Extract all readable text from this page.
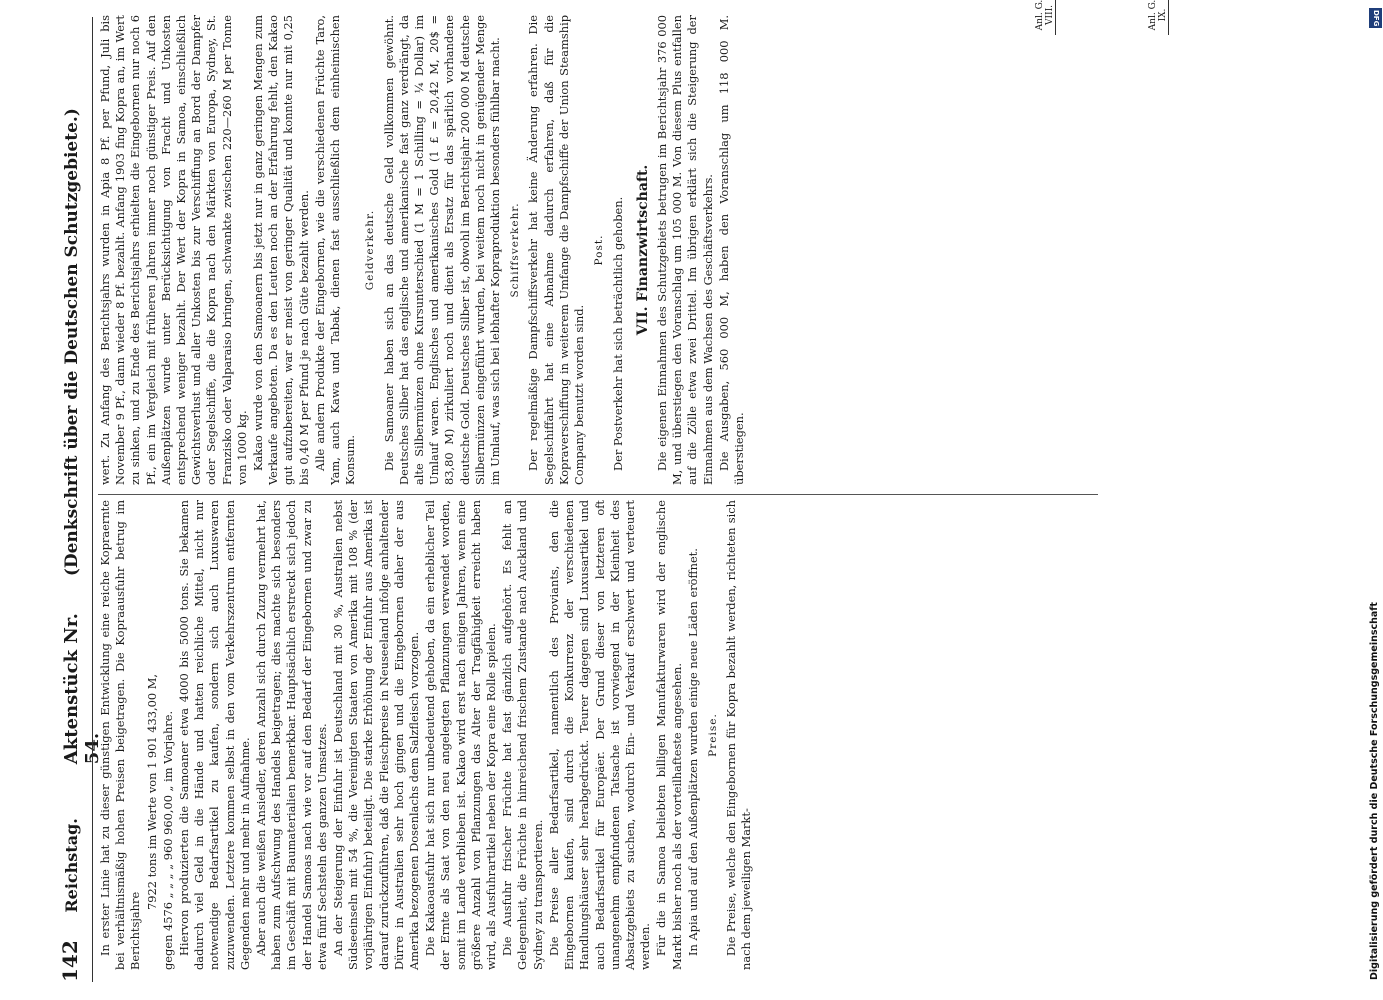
142
Reichstag.
Aktenstück Nr. 54.
(Denkschrift über die Deutschen Schutzgebiete.)

In erster Linie hat zu dieser günstigen Entwicklung eine reiche Kopraernte bei verhältnismäßig hohen Preisen beigetragen. Die Kopraausfuhr betrug im Berichtsjahre

7922 tons im Werte von 1 901 433,00 M, gegen 4576 „ „ „ „ 960 960,00 „ im Vorjahre. Hiervon produzierten die Samoaner etwa 4000 bis 5000 tons. Sie bekamen dadurch viel Geld in die Hände und hatten reichliche Mittel, nicht nur notwendige Bedarfsartikel zu kaufen, sondern sich auch Luxuswaren zuzuwenden. Letztere kommen selbst in den vom Verkehrszentrum entfernten Gegenden mehr und mehr in Aufnahme. Aber auch die weißen Ansiedler, deren Anzahl sich durch Zuzug vermehrt hat, haben zum Aufschwung des Handels beigetragen; dies machte sich besonders im Geschäft mit Baumaterialien bemerkbar. Hauptsächlich erstreckt sich jedoch der Handel Samoas nach wie vor auf den Bedarf der Eingebornen und zwar zu etwa fünf Sechsteln des ganzen Umsatzes. An der Steigerung der Einfuhr ist Deutschland mit 30 %, Australien nebst Südseeinseln mit 54 %, die Vereinigten Staaten von Amerika mit 108 % (der vorjährigen Einfuhr) beteiligt. Die starke Erhöhung der Einfuhr aus Amerika ist darauf zurückzuführen, daß die Fleischpreise in Neuseeland infolge anhaltender Dürre in Australien sehr hoch gingen und die Eingebornen daher der aus Amerika bezogenen Dosenlachs dem Salzfleisch vorzogen. Die Kakaoausfuhr hat sich nur unbedeutend gehoben, da ein erheblicher Teil der Ernte als Saat von den neu angelegten Pflanzungen verwendet worden, somit im Lande verblieben ist. Kakao wird erst nach einigen Jahren, wenn eine größere Anzahl von Pflanzungen das Alter der Tragfähigkeit erreicht haben wird, als Ausfuhrartikel neben der Kopra eine Rolle spielen. Die Ausfuhr frischer Früchte hat fast gänzlich aufgehört. Es fehlt an Gelegenheit, die Früchte in hinreichend frischem Zustande nach Auckland und Sydney zu transportieren. Die Preise aller Bedarfsartikel, namentlich des Proviants, den die Eingebornen kaufen, sind durch die Konkurrenz der verschiedenen Handlungshäuser sehr herabgedrückt. Teurer dagegen sind Luxusartikel und auch Bedarfsartikel für Europäer. Der Grund dieser von letzteren oft unangenehm empfundenen Tatsache ist vorwiegend in der Kleinheit des Absatzgebiets zu suchen, wodurch Ein- und Verkauf erschwert und verteuert werden. Für die in Samoa beliebten billigen Manufakturwaren wird der englische Markt bisher noch als der vorteilhafteste angesehen. In Apia und auf den Außenplätzen wurden einige neue Läden eröffnet. Preise. Die Preise, welche den Eingebornen für Kopra bezahlt werden, richteten sich nach dem jeweiligen Markt-

wert. Zu Anfang des Berichtsjahrs wurden in Apia 8 Pf. per Pfund, Juli bis November 9 Pf., dann wieder 8 Pf. bezahlt. Anfang 1903 fing Kopra an, im Wert zu sinken, und zu Ende des Berichtsjahrs erhielten die Eingebornen nur noch 6 Pf., ein im Vergleich mit früheren Jahren immer noch günstiger Preis. Auf den Außenplätzen wurde unter Berücksichtigung von Fracht und Unkosten entsprechend weniger bezahlt. Der Wert der Kopra in Samoa, einschließlich Gewichtsverlust und aller Unkosten bis zur Verschiffung an Bord der Dampfer oder Segelschiffe, die die Kopra nach den Märkten von Europa, Sydney, St. Franzisko oder Valparaiso bringen, schwankte zwischen 220—260 M per Tonne von 1000 kg. Kakao wurde von den Samoanern bis jetzt nur in ganz geringen Mengen zum Verkaufe angeboten. Da es den Leuten noch an der Erfahrung fehlt, den Kakao gut aufzubereiten, war er meist von geringer Qualität und konnte nur mit 0,25 bis 0,40 M per Pfund je nach Güte bezahlt werden. Alle andern Produkte der Eingebornen, wie die verschiedenen Früchte Taro, Yam, auch Kawa und Tabak, dienen fast ausschließlich dem einheimischen Konsum.

Geldverkehr. Die Samoaner haben sich an das deutsche Geld vollkommen gewöhnt. Deutsches Silber hat das englische und amerikanische fast ganz verdrängt, da alte Silbermünzen ohne Kursunterschied (1 M = 1 Schilling = ¼ Dollar) im Umlauf waren. Englisches und amerikanisches Gold (1 £ = 20,42 M, 20$ = 83,80 M) zirkuliert noch und dient als Ersatz für das spärlich vorhandene deutsche Gold. Deutsches Silber ist, obwohl im Berichtsjahr 200 000 M deutsche Silbermünzen eingeführt wurden, bei weitem noch nicht in genügender Menge im Umlauf, was sich bei lebhafter Kopraproduktion besonders fühlbar macht. Schiffsverkehr. Der regelmäßige Dampfschiffsverkehr hat keine Änderung erfahren. Die Segelschiffahrt hat eine Abnahme dadurch erfahren, daß für die Kopraverschiffung in weiterem Umfange die Dampfschiffe der Union Steamship Company benutzt worden sind.

Post. Der Postverkehr hat sich beträchtlich gehoben. VII. Finanzwirtschaft. Die eigenen Einnahmen des Schutzgebiets betrugen im Berichtsjahr 376 000 M, und überstiegen den Voranschlag um 105 000 M. Von diesem Plus entfallen auf die Zölle etwa zwei Drittel. Im übrigen erklärt sich die Steigerung der Einnahmen aus dem Wachsen des Geschäftsverkehrs. Die Ausgaben, 560 000 M, haben den Voranschlag um 118 000 M. überstiegen.

Anl. G. VIII.	Anl. G. IX.	DFG
Digitalisierung gefördert durch die Deutsche Forschungsgemeinschaft
